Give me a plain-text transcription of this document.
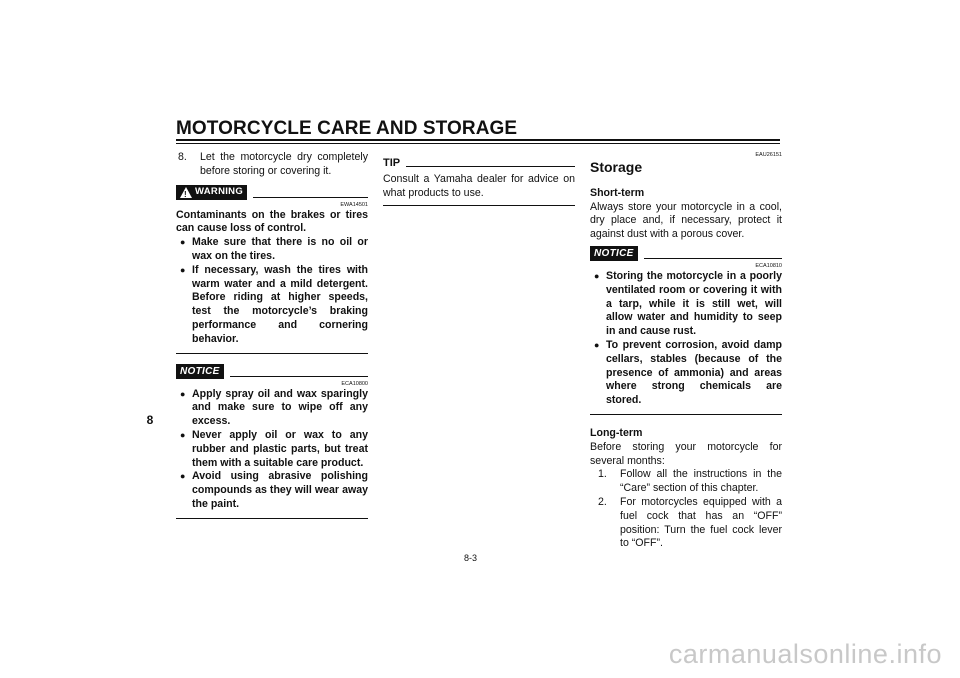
MOTORCYCLE CARE AND STORAGE
8
8.	Let the motorcycle dry completely before storing or covering it.
!
WARNING
EWA14501
Contaminants on the brakes or tires can cause loss of control.
● Make sure that there is no oil or wax on the tires.
● If necessary, wash the tires with warm water and a mild detergent. Before riding at higher speeds, test the motorcycle’s braking performance and cornering behavior.
NOTICE
ECA10800
● Apply spray oil and wax sparingly and make sure to wipe off any excess.
● Never apply oil or wax to any rubber and plastic parts, but treat them with a suitable care product.
● Avoid using abrasive polishing compounds as they will wear away the paint.
TIP
Consult a Yamaha dealer for advice on what products to use.
EAU26151
Storage
Short-term
Always store your motorcycle in a cool, dry place and, if necessary, protect it against dust with a porous cover.
NOTICE
ECA10810
● Storing the motorcycle in a poorly ventilated room or covering it with a tarp, while it is still wet, will allow water and humidity to seep in and cause rust.
● To prevent corrosion, avoid damp cellars, stables (because of the presence of ammonia) and areas where strong chemicals are stored.
Long-term
Before storing your motorcycle for several months:
1.	Follow all the instructions in the “Care” section of this chapter.
2.	For motorcycles equipped with a fuel cock that has an “OFF” position: Turn the fuel cock lever to “OFF”.
8-3
carmanualsonline.info
